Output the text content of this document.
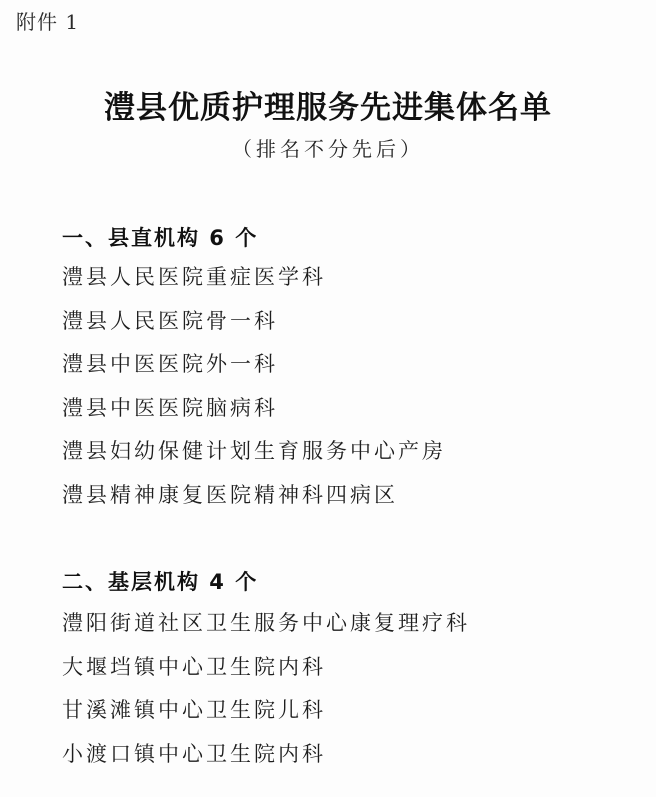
附件 1
澧县优质护理服务先进集体名单
（排名不分先后）
一、县直机构 6 个
澧县人民医院重症医学科
澧县人民医院骨一科
澧县中医医院外一科
澧县中医医院脑病科
澧县妇幼保健计划生育服务中心产房
澧县精神康复医院精神科四病区
二、基层机构 4 个
澧阳街道社区卫生服务中心康复理疗科
大堰垱镇中心卫生院内科
甘溪滩镇中心卫生院儿科
小渡口镇中心卫生院内科
